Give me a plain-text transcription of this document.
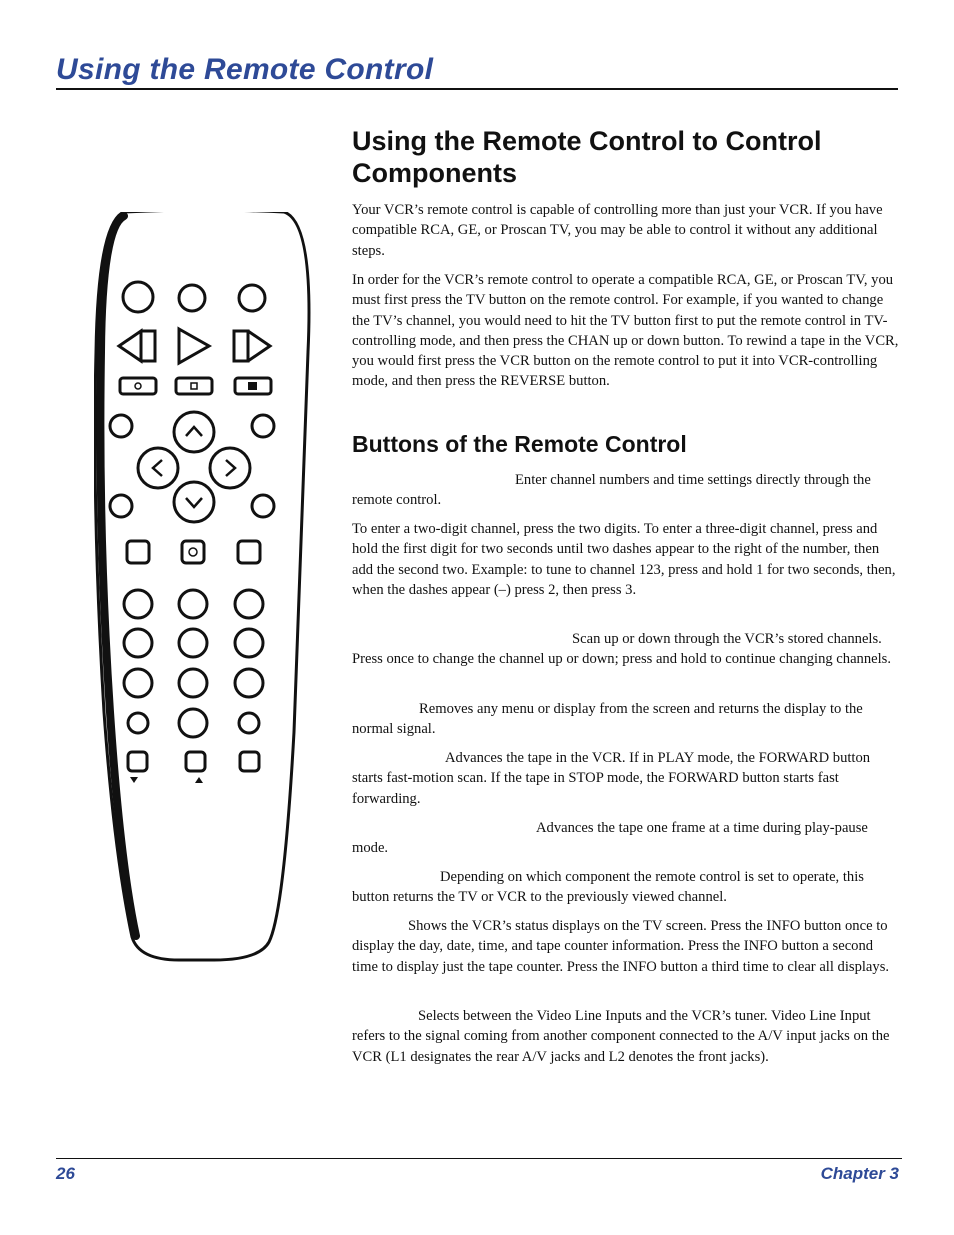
Using the Remote Control
Using the Remote Control to Control Components

Your VCR’s remote control is capable of controlling more than just your VCR. If you have compatible RCA, GE, or Proscan TV, you may be able to control it without any additional steps.

In order for the VCR’s remote control to operate a compatible RCA, GE, or Proscan TV, you must first press the TV button on the remote control. For example, if you wanted to change the TV’s channel, you would need to hit the TV button first to put the remote control in TV-controlling mode, and then press the CHAN up or down button. To rewind a tape in the VCR, you would first press the VCR button on the remote control to put it into VCR-controlling mode, and then press the REVERSE button.

Buttons of the Remote Control

Enter channel numbers and time settings directly through the remote control.

To enter a two-digit channel, press the two digits. To enter a three-digit channel, press and hold the first digit for two seconds until two dashes appear to the right of the number, then add the second two. Example: to tune to channel 123, press and hold 1 for two seconds, then, when the dashes appear (–) press 2, then press 3.

Scan up or down through the VCR’s stored channels. Press once to change the channel up or down; press and hold to continue changing channels.

Removes any menu or display from the screen and returns the display to the normal signal.

Advances the tape in the VCR. If in PLAY mode, the FORWARD button starts fast-motion scan. If the tape in STOP mode, the FORWARD button starts fast forwarding.

Advances the tape one frame at a time during play-pause mode.

Depending on which component the remote control is set to operate, this button returns the TV or VCR to the previously viewed channel.

Shows the VCR’s status displays on the TV screen. Press the INFO button once to display the day, date, time, and tape counter information. Press the INFO button a second time to display just the tape counter. Press the INFO button a third time to clear all displays.

Selects between the Video Line Inputs and the VCR’s tuner. Video Line Input refers to the signal coming from another component connected to the A/V input jacks on the VCR (L1 designates the rear A/V jacks and L2 denotes the front jacks).

26	Chapter 3
